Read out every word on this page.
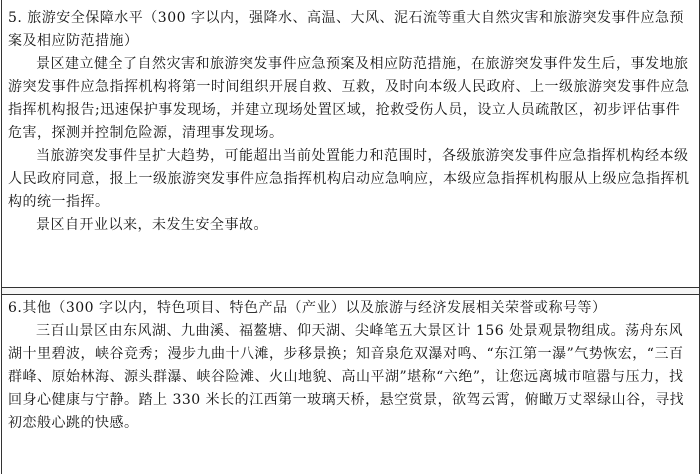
5. 旅游安全保障水平（300 字以内，强降水、高温、大风、泥石流等重大自然灾害和旅游突发事件应急预案及相应防范措施）

景区建立健全了自然灾害和旅游突发事件应急预案及相应防范措施，在旅游突发事件发生后，事发地旅游突发事件应急指挥机构将第一时间组织开展自救、互救，及时向本级人民政府、上一级旅游突发事件应急指挥机构报告;迅速保护事发现场，并建立现场处置区域，抢救受伤人员，设立人员疏散区，初步评估事件危害，探测并控制危险源，清理事发现场。

当旅游突发事件呈扩大趋势，可能超出当前处置能力和范围时，各级旅游突发事件应急指挥机构经本级人民政府同意，报上一级旅游突发事件应急指挥机构启动应急响应，本级应急指挥机构服从上级应急指挥机构的统一指挥。

景区自开业以来，未发生安全事故。

6.其他（300 字以内，特色项目、特色产品（产业）以及旅游与经济发展相关荣誉或称号等）

三百山景区由东风湖、九曲溪、福鳌塘、仰天湖、尖峰笔五大景区计 156 处景观景物组成。荡舟东风湖十里碧波，峡谷竞秀；漫步九曲十八滩，步移景换；知音泉危双瀑对鸣、“东江第一瀑”气势恢宏，“三百群峰、原始林海、源头群瀑、峡谷险滩、火山地貌、高山平湖”堪称“六绝”，让您远离城市喧嚣与压力，找回身心健康与宁静。踏上 330 米长的江西第一玻璃天桥，悬空赏景，欲驾云霄，俯瞰万丈翠绿山谷，寻找初恋般心跳的快感。
